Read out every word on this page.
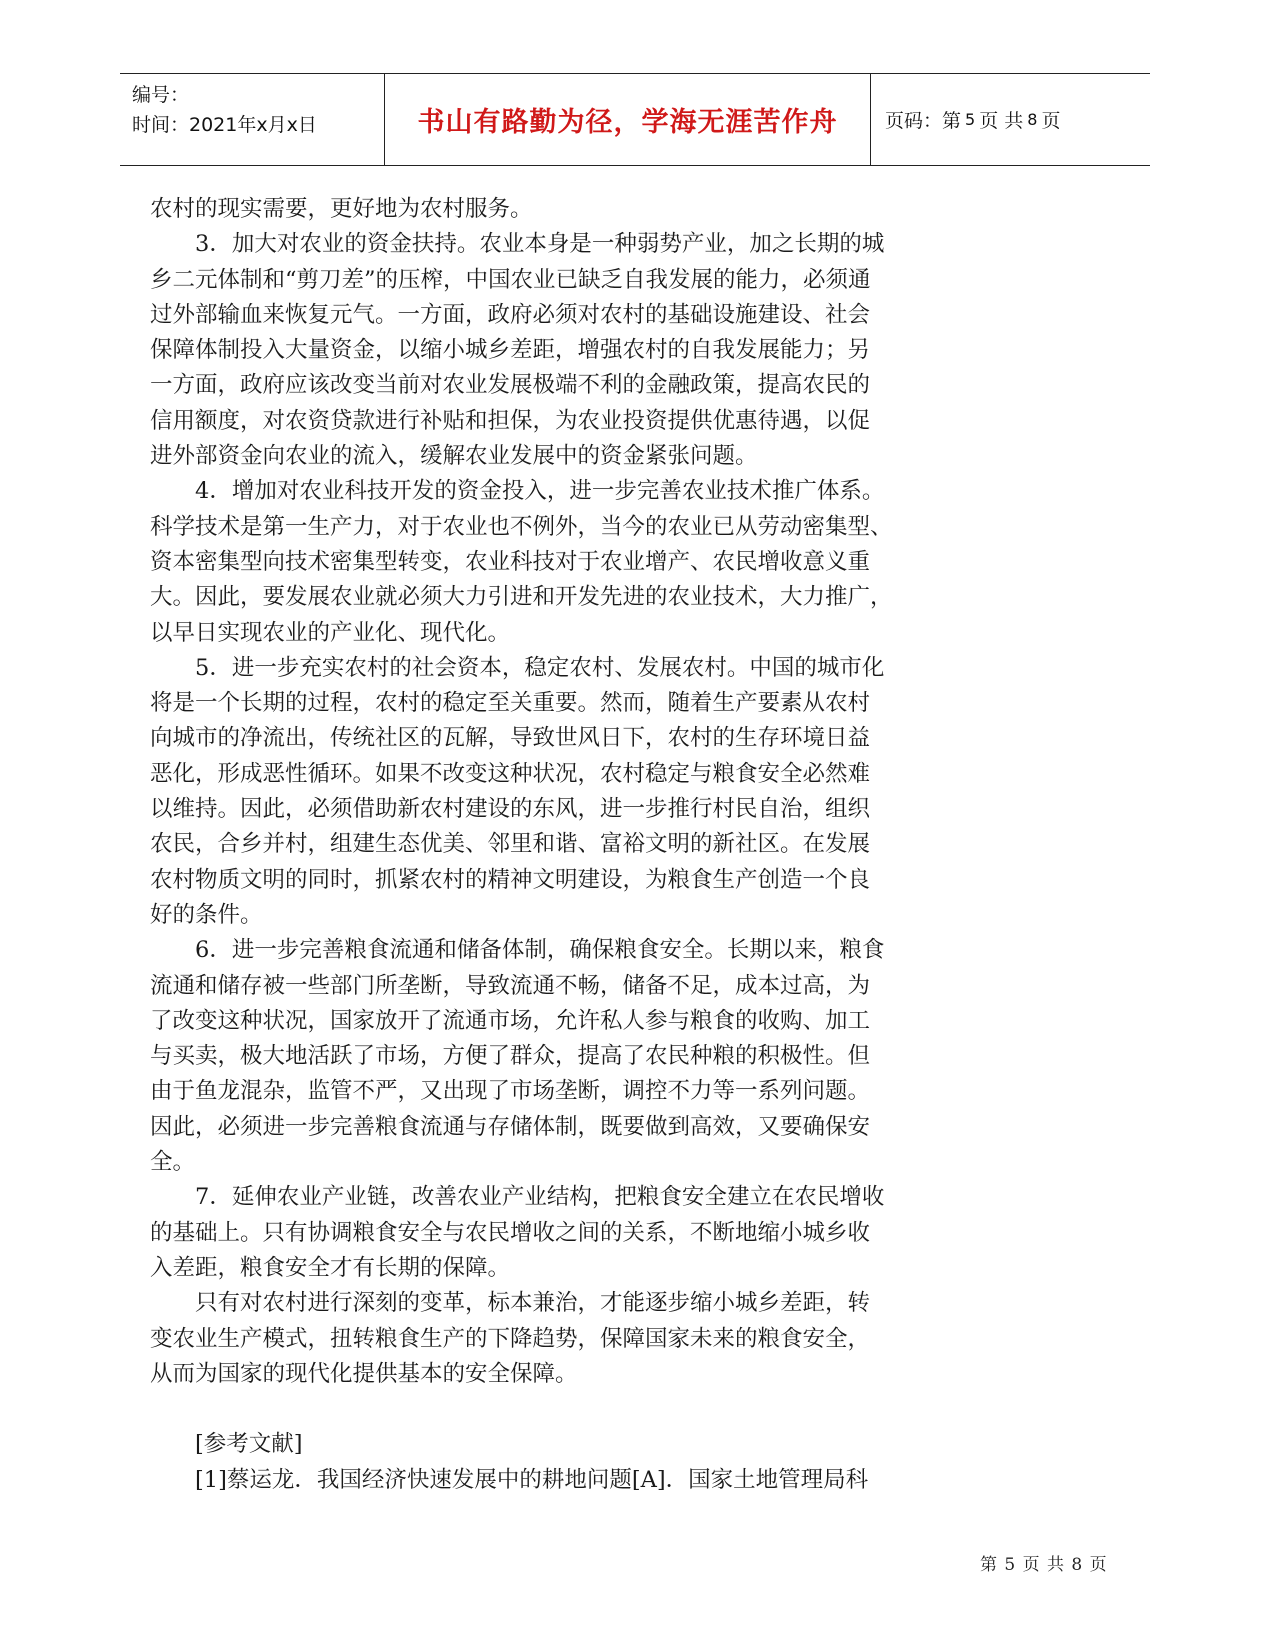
编号：
时间：2021年x月x日	书山有路勤为径，学海无涯苦作舟	页码：第 5 页 共 8 页
农村的现实需要，更好地为农村服务。
　　3．加大对农业的资金扶持。农业本身是一种弱势产业，加之长期的城
乡二元体制和“剪刀差”的压榨，中国农业已缺乏自我发展的能力，必须通
过外部输血来恢复元气。一方面，政府必须对农村的基础设施建设、社会
保障体制投入大量资金，以缩小城乡差距，增强农村的自我发展能力；另
一方面，政府应该改变当前对农业发展极端不利的金融政策，提高农民的
信用额度，对农资贷款进行补贴和担保，为农业投资提供优惠待遇，以促
进外部资金向农业的流入，缓解农业发展中的资金紧张问题。
　　4．增加对农业科技开发的资金投入，进一步完善农业技术推广体系。
科学技术是第一生产力，对于农业也不例外，当今的农业已从劳动密集型、
资本密集型向技术密集型转变，农业科技对于农业增产、农民增收意义重
大。因此，要发展农业就必须大力引进和开发先进的农业技术，大力推广，
以早日实现农业的产业化、现代化。
　　5．进一步充实农村的社会资本，稳定农村、发展农村。中国的城市化
将是一个长期的过程，农村的稳定至关重要。然而，随着生产要素从农村
向城市的净流出，传统社区的瓦解，导致世风日下，农村的生存环境日益
恶化，形成恶性循环。如果不改变这种状况，农村稳定与粮食安全必然难
以维持。因此，必须借助新农村建设的东风，进一步推行村民自治，组织
农民，合乡并村，组建生态优美、邻里和谐、富裕文明的新社区。在发展
农村物质文明的同时，抓紧农村的精神文明建设，为粮食生产创造一个良
好的条件。
　　6．进一步完善粮食流通和储备体制，确保粮食安全。长期以来，粮食
流通和储存被一些部门所垄断，导致流通不畅，储备不足，成本过高，为
了改变这种状况，国家放开了流通市场，允许私人参与粮食的收购、加工
与买卖，极大地活跃了市场，方便了群众，提高了农民种粮的积极性。但
由于鱼龙混杂，监管不严，又出现了市场垄断，调控不力等一系列问题。
因此，必须进一步完善粮食流通与存储体制，既要做到高效，又要确保安
全。
　　7．延伸农业产业链，改善农业产业结构，把粮食安全建立在农民增收
的基础上。只有协调粮食安全与农民增收之间的关系，不断地缩小城乡收
入差距，粮食安全才有长期的保障。
　　只有对农村进行深刻的变革，标本兼治，才能逐步缩小城乡差距，转
变农业生产模式，扭转粮食生产的下降趋势，保障国家未来的粮食安全，
从而为国家的现代化提供基本的安全保障。
　　[参考文献]
　　[1]蔡运龙．我国经济快速发展中的耕地问题[A]．国家土地管理局科
第 5 页 共 8 页
